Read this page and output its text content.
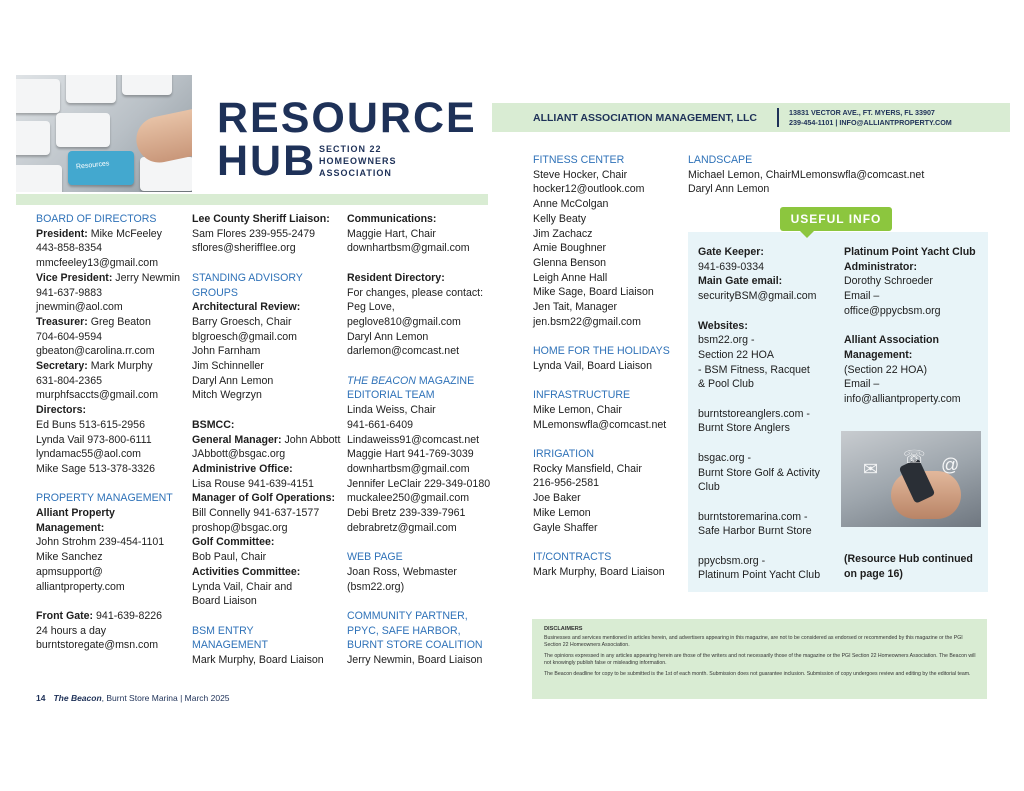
Resources
RESOURCE
HUB SECTION 22
HOMEOWNERS
ASSOCIATION
BOARD OF DIRECTORS
President: Mike McFeeley
443-858-8354
mmcfeeley13@gmail.com
Vice President: Jerry Newmin
941-637-9883
jnewmin@aol.com
Treasurer: Greg Beaton
704-604-9594
gbeaton@carolina.rr.com
Secretary: Mark Murphy
631-804-2365
murphfsaccts@gmail.com
Directors:
Ed Buns 513-615-2956
Lynda Vail 973-800-6111
lyndamac55@aol.com
Mike Sage 513-378-3326
PROPERTY MANAGEMENT
Alliant Property
Management:
John Strohm 239-454-1101
Mike Sanchez
apmsupport@
alliantproperty.com
Front Gate: 941-639-8226
24 hours a day
burntstoregate@msn.com
Lee County Sheriff Liaison:
Sam Flores 239-955-2479
sflores@sheriffIee.org
STANDING ADVISORY
GROUPS
Architectural Review:
Barry Groesch, Chair
blgroesch@gmail.com
John Farnham
Jim Schinneller
Daryl Ann Lemon
Mitch Wegrzyn
BSMCC:
General Manager: John Abbott
JAbbott@bsgac.org
Administrive Office:
Lisa Rouse 941-639-4151
Manager of Golf Operations:
Bill Connelly 941-637-1577
proshop@bsgac.org
Golf Committee:
Bob Paul, Chair
Activities Committee:
Lynda Vail, Chair and
Board Liaison
BSM ENTRY
MANAGEMENT
Mark Murphy, Board Liaison
Communications:
Maggie Hart, Chair
downhartbsm@gmail.com
Resident Directory:
For changes, please contact:
Peg Love,
peglove810@gmail.com
Daryl Ann Lemon
darlemon@comcast.net
THE BEACON MAGAZINE
EDITORIAL TEAM
Linda Weiss, Chair
941-661-6409
Lindaweiss91@comcast.net
Maggie Hart 941-769-3039
downhartbsm@gmail.com
Jennifer LeClair 229-349-0180
muckalee250@gmail.com
Debi Bretz 239-339-7961
debrabretz@gmail.com
WEB PAGE
Joan Ross, Webmaster
(bsm22.org)
COMMUNITY PARTNER,
PPYC, SAFE HARBOR,
BURNT STORE COALITION
Jerry Newmin, Board Liaison
ALLIANT ASSOCIATION MANAGEMENT, LLC	13831 VECTOR AVE., FT. MYERS, FL 33907
239-454-1101 | INFO@ALLIANTPROPERTY.COM
FITNESS CENTER
Steve Hocker, Chair
hocker12@outlook.com
Anne McColgan
Kelly Beaty
Jim Zachacz
Amie Boughner
Glenna Benson
Leigh Anne Hall
Mike Sage, Board Liaison
Jen Tait, Manager
jen.bsm22@gmail.com
HOME FOR THE HOLIDAYS
Lynda Vail, Board Liaison
INFRASTRUCTURE
Mike Lemon, Chair
MLemonswfla@comcast.net
IRRIGATION
Rocky Mansfield, Chair
216-956-2581
Joe Baker
Mike Lemon
Gayle Shaffer
IT/CONTRACTS
Mark Murphy, Board Liaison
LANDSCAPE
Michael Lemon, ChairMLemonswfla@comcast.net
Daryl Ann Lemon
USEFUL INFO
Gate Keeper:
941-639-0334
Main Gate email:
securityBSM@gmail.com
Websites:
bsm22.org -
Section 22 HOA
- BSM Fitness, Racquet
& Pool Club
burntstoreanglers.com -
Burnt Store Anglers
bsgac.org -
Burnt Store Golf & Activity
Club
burntstoremarina.com -
Safe Harbor Burnt Store
ppycbsm.org -
Platinum Point Yacht Club
Platinum Point Yacht Club
Administrator:
Dorothy Schroeder
Email –
office@ppycbsm.org
Alliant Association
Management:
(Section 22 HOA)
Email –
info@alliantproperty.com
✉
☏ @
(Resource Hub continued
on page 16)
DISCLAIMERS

Businesses and services mentioned in articles herein, and advertisers appearing in this magazine, are not to be considered as endorsed or recommended by this magazine or the PGI Section 22 Homeowners Association.

The opinions expressed in any articles appearing herein are those of the writers and not necessarily those of the magazine or the PGI Section 22 Homeowners Association. The Beacon will not knowingly publish false or misleading information.

The Beacon deadline for copy to be submitted is the 1st of each month. Submission does not guarantee inclusion. Submission of copy undergoes review and editing by the editorial team.

14 The Beacon, Burnt Store Marina | March 2025
